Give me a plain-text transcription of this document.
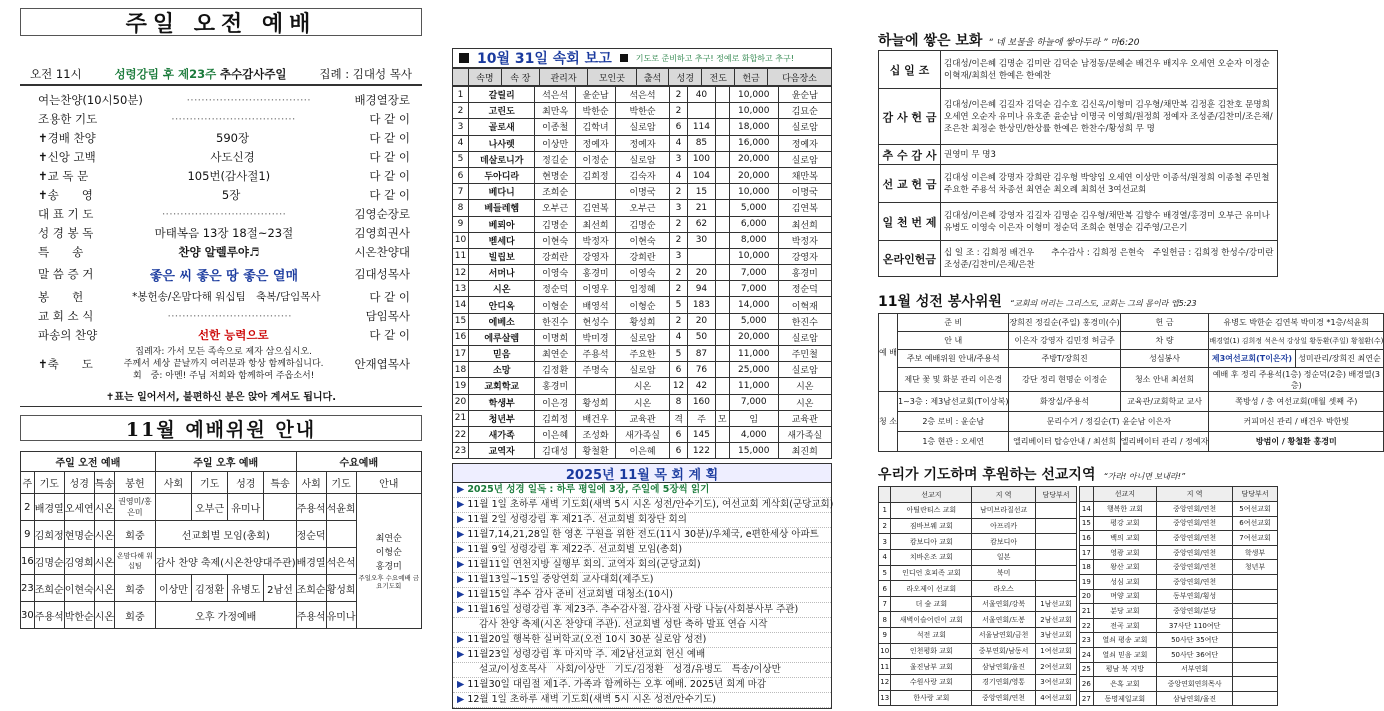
주일 오전 예배
오전 11시	성령강림 후 제23주 추수감사주일	집례 : 김대성 목사
여는찬양(10시50분)	··································	배경열장로
조용한 기도	··································	다 같 이
✝경배 찬양	590장	다 같 이
✝신앙 고백	사도신경	다 같 이
✝교 독 문	105번(감사절1)	다 같 이
✝송　　영	5장	다 같 이
대 표 기 도	··································	김영순장로
성 경 봉 독	마태복음 13장 18절~23절	김영희권사
특　　송	찬양 알렐루야♬	시온찬양대
말 씀 증 거	좋은 씨 좋은 땅 좋은 열매	김대성목사
봉　　헌	*봉헌송/온맘다해 워십팀　축복/담임목사	다 같 이
교 회 소 식	··································	담임목사
파송의 찬양	선한 능력으로	다 같 이
✝축　　도
집례자: 가서 모든 족속으로 제자 삼으십시오.
주께서 세상 끝날까지 여러분과 항상 함께하십니다.
회　중: 아멘! 주님 저희와 함께하여 주옵소서!
안재엽목사
✝표는 일어서서, 불편하신 분은 앉아 계셔도 됩니다.
11월 예배위원 안내
주일 오전 예배					주일 오후 예배				수요예배		
주	기도	성경	특송	봉헌	사회	기도	성경	특송	사회	기도	안내
2	배경열	오세연	시온	권영미/홍은미		오부근	유미나		주용석	석윤희	최연순
이형순
홍경미
주일오후 수요예배 금요기도회

9	김희정	현명순	시온	회중	선교회별 모임(총회)				정순덕		
16	김명순	김영희	시온	온맘다해 워십팀	감사 찬양 축제(시온찬양대주관)				배경열	석은석	
23	조희순	이현숙	시온	회중	이상만	김정환	유병도	2남선	조희순	황성희	
30	주용석	박한순	시온	회중	오후 가정예배				주용석	유미나	
10월 31일 속회 보고	기도로 준비하고 추구! 정예로 화합하고 추구!
	속명	속 장	관리자	모인곳	출석	성경	전도	헌금	다음장소
1	갈릴리	석은석	윤순남	석은석	2	40		10,000	윤순남
2	고린도	최만옥	박한순	박한순	2			10,000	김묘순
3	골로새	이종철	김학녀	실로암	6	114		18,000	실로암
4	나사렛	이상만	정예자	정예자	4	85		16,000	정예자
5	데살로니가	정길순	이정순	실로암	3	100		20,000	실로암
6	두아디라	현명순	김희정	김숙자	4	104		20,000	채만복
7	베다니	조희순		이명국	2	15		10,000	이명국
8	베들레헴	오부근	김연복	오부근	3	21		5,000	김연복
9	베뢰아	김명순	최선희	김명순	2	62		6,000	최선희
10	벧세다	이현숙	박정자	이현숙	2	30		8,000	박정자
11	빌립보	강희란	강영자	강희란	3			10,000	강영자
12	서머나	이영숙	홍경미	이영숙	2	20		7,000	홍경미
13	시온	정순덕	이영우	임정혜	2	94		7,000	정순덕
14	안디옥	이형순	배영석	이형순	5	183		14,000	이혁재
15	에베소	한진수	현성수	황성희	2	20		5,000	한진수
16	에루살렘	이명희	박미경	실로암	4	50		20,000	실로암
17	믿음	최연순	주용석	주요한	5	87		11,000	주민철
18	소망	김정환	주명숙	실로암	6	76		25,000	실로암
19	교회학교	홍경미		시온	12	42		11,000	시온
20	학생부	이은경	황성희	시온	8	160		7,000	시온
21	청년부	김희정	배건우	교육관	격	주	모	임	교육관
22	새가족	이은혜	조성화	새가족실	6	145		4,000	새가족실
23	교역자	김대성	황철환	이은혜	6	122		15,000	최진희
2025년 11월 목 회 계 획
▶ 2025년 성경 일독 : 하루 평일에 3장, 주일에 5장씩 읽기
▶ 11월 1일 초하루 새벽 기도회(새벽 5시 시온 성전/안수기도), 여선교회 게삭회(군당교회)
▶ 11월 2일 성령강림 후 제21주. 선교회별 회장단 회의
▶ 11월7,14,21,28일 한 영혼 구원을 위한 전도(11시 30분)/우체국, e편한세상 아파트
▶ 11월 9일 성령강림 후 제22주. 선교회별 모임(총회)
▶ 11월11일 연천지방 실행부 회의. 교역자 회의(군당교회)
▶ 11월13일~15일 중앙연회 교사대회(제주도)
▶ 11월15일 추수 감사 준비 선교회별 대청소(10시)
▶ 11월16일 성령강림 후 제23주. 추수감사절. 감사절 사랑 나눔(사회봉사부 주관)
　　감사 찬양 축제(시온 찬양대 주관). 선교회별 성탄 축하 발표 연습 시작
▶ 11월20일 행복한 실버학교(오전 10시 30분 실로암 성전)
▶ 11월23일 성령강림 후 마지막 주. 제2남선교회 헌신 예배
　　설교/이성호목사　사회/이상만　기도/김정환　성경/유병도　특송/이상만
▶ 11월30일 대림절 제1주. 가족과 함께하는 오후 예배. 2025년 희계 마감
▶ 12월 1일 초하루 새벽 기도회(새벽 5시 시온 성전/안수기도)
하늘에 쌓은 보화 “ 네 보물을 하늘에 쌓아두라 ” 마6:20
십 일 조	김대성/이은혜 김명순 김미란 김덕순 남정동/문혜순 배건우 배지우 오세연 오순자 이정순 이혁재/최희선 한예은 한예찬
감 사 헌 금	김대성/이은혜 김길자 김덕순 김수호 김신옥/이형미 김우형/채만복 김정훈 김찬호 문명희 오세연 오순자 유미나 유호준 윤순남 이명국 이영희/원정희 정예자 조성준/김찬미/조은채/조은찬 최정순 한상민/한상률 한예은 한찬수/황성희 무 명
추 수 감 사	권영미 무 명3
선 교 헌 금	김대성 이은혜 강명자 강희란 김우형 박양임 오세연 이상만 이종석/원정희 이종철 주민철 주요한 주용석 차종선 최연순 최오례 최희선 3여선교회
일 천 번 제	김대성/이은혜 강영자 김길자 김명순 김우형/채만복 김향수 배경열/홍경미 오부근 유미나 유병도 이영숙 이은자 이형미 정순덕 조희순 현명순 김주영/고은기
온라인헌금	십 일 조 : 김희정 배건우　　추수감사 : 김희정 은현숙　주일헌금 : 김희정 한성수/강미란 조성준/김찬미/은채/은찬
11월 성전 봉사위원 “교회의 머리는 그리스도, 교회는 그의 몸이라 엡5:23
예 배	준 비	장희진 정길순(주일) 홍경미(수)	헌 금	유병도 박한순 김연복 박미경 *1층/석윤희	
	안 내	이은자 강영자 김민정 허금주	차 량	배경열(1) 김희정 석은석 강상일 황동환(주일) 황철환(수)	
	주보 예배위원 안내/주용석	주방T/장희진	성심봉사	제3여선교회(T이은자)	성미관리/장희진 최연순
	제단 꽃 및 화분 관리 이은경	강단 정리 현명순 이정순	청소 안내 최선희	예배 후 정리 주용석(1층) 정순덕(2층) 배경열(3층)	
청 소	1~3층 : 제3남선교회(T이상복)	화장실/주용석	교육관/교회학교 교사	쪽방성 / 총 여선교회(매월 셋째 주)	
	2층 로비 : 윤순남	문리수거 / 정길순(T) 윤순남 이은자		커피머신 관리 / 배건우 박한빛	
	1층 현관 : 오세연	엘리베이터 탑승안내 / 최선희	엘리베이터 관리 / 정예자	방범이 / 황철환 홍경미	
우리가 기도하며 후원하는 선교지역 “가라! 아니면 보내라!”
	선교지	지 역	담당부서
1	아틸란티스 교회	남미브라질선교	
2	짐바브웨 교회	아프리카	
3	캄보디아 교회	캄보디아	
4	치바온조 교회	일본	
5	인디언 호피족 교회	북미	
6	라오제이 선교회	라오스	
7	더 숲 교회	서울연회/강북	1남선교회
8	새벽이슬어린이 교회	서울연회/도봉	2남선교회
9	석전 교회	서울남연회/금천	3남선교회
10	인천평화 교회	중부연회/남동서	1여선교회
11	울진남부 교회	삼남연회/울진	2여선교회
12	수원사랑 교회	경기연회/영통	3여선교회
13	한사랑 교회	중앙연회/연천	4여선교회
	선교지	지 역	담당부서
14	행복한 교회	중앙연회/연천	5여선교회
15	평강 교회	중앙연회/연천	6여선교회
16	백의 교회	중앙연회/연천	7여선교회
17	영광 교회	중앙연회/연천	학생부
18	왕산 교회	중앙연회/연천	청년부
19	성심 교회	중앙연회/연천	
20	며양 교회	동부연회/횡성	
21	분당 교회	중앙연회/분당	
22	전곡 교회	37사단 110여단	
23	열쇠 평송 교회	50사단 35여단	
24	열쇠 믿음 교회	50사단 36여단	
25	평남 북 지방	서부연회	
26	은혹 교회	중앙연회연희목사	
27	동명제일교회	삼남연회/울진	
